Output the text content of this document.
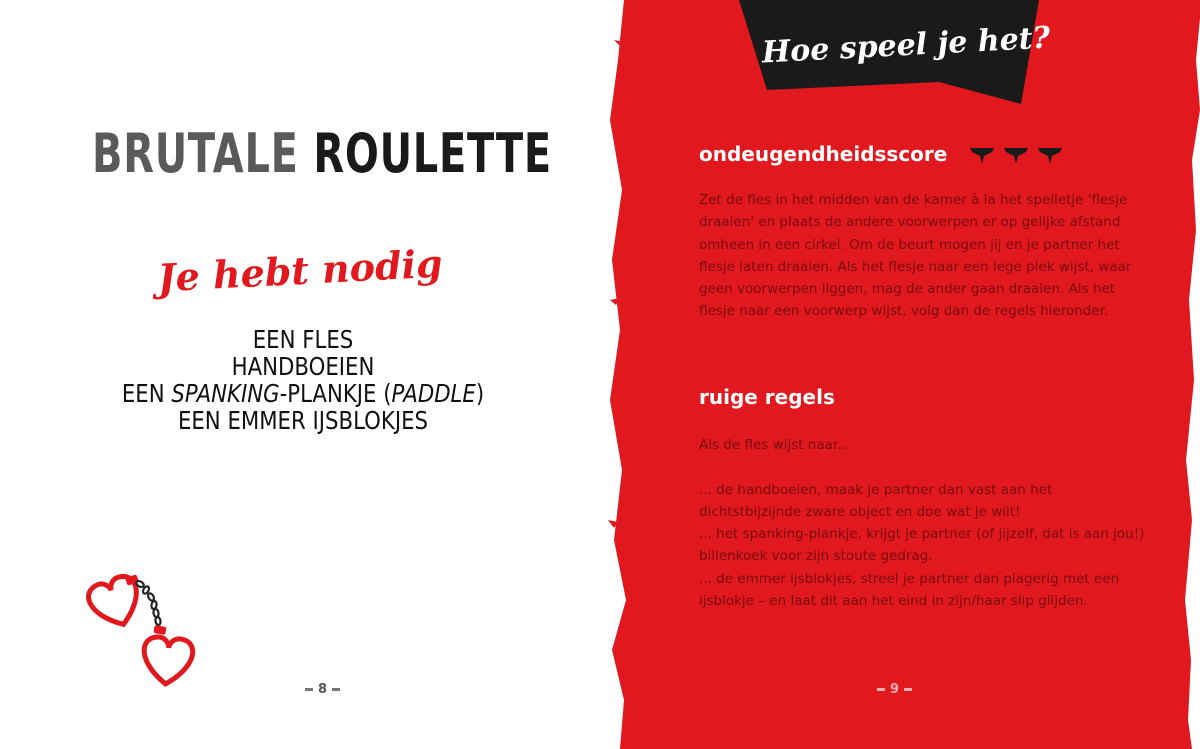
BRUTALE ROULETTE
Je hebt nodig
EEN FLES
HANDBOEIEN
EEN SPANKING-PLANKJE (PADDLE)
EEN EMMER IJSBLOKJES
8
Hoe speel je het?
ondeugendheidsscore
Zet de fles in het midden van de kamer à la het spelletje 'flesje draaien' en plaats de andere voorwerpen er op gelijke afstand omheen in een cirkel. Om de beurt mogen jij en je partner het flesje laten draaien. Als het flesje naar een lege plek wijst, waar geen voorwerpen liggen, mag de ander gaan draaien. Als het flesje naar een voorwerp wijst, volg dan de regels hieronder.
ruige regels

Als de fles wijst naar...

... de handboeien, maak je partner dan vast aan het dichtstbijzijnde zware object en doe wat je wilt!

... het spanking-plankje, krijgt je partner (of jijzelf, dat is aan jou!) billenkoek voor zijn stoute gedrag.

... de emmer ijsblokjes, streel je partner dan plagerig met een ijsblokje – en laat dit aan het eind in zijn/haar slip glijden.

9
